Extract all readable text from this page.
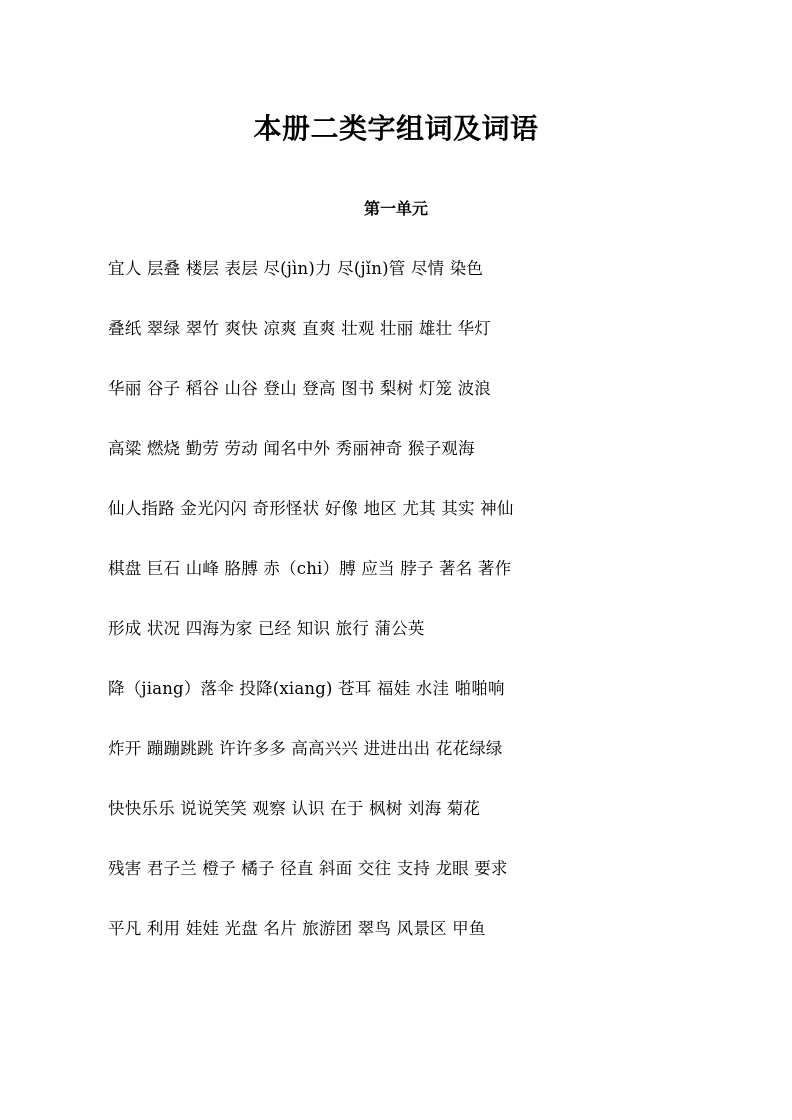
本册二类字组词及词语
第一单元
宜人 层叠 楼层 表层 尽(jìn)力 尽(jǐn)管 尽情 染色
叠纸 翠绿 翠竹 爽快 凉爽 直爽 壮观 壮丽 雄壮 华灯
华丽 谷子 稻谷 山谷 登山 登高 图书 梨树 灯笼 波浪
高粱 燃烧 勤劳 劳动 闻名中外 秀丽神奇 猴子观海
仙人指路 金光闪闪 奇形怪状 好像 地区 尤其 其实 神仙
棋盘 巨石 山峰 胳膊 赤（chi）膊 应当 脖子 著名 著作
形成 状况 四海为家 已经 知识 旅行 蒲公英
降（jiang）落伞 投降(xiang) 苍耳 福娃 水洼 啪啪响
炸开 蹦蹦跳跳 许许多多 高高兴兴 进进出出 花花绿绿
快快乐乐 说说笑笑 观察 认识 在于 枫树 刘海 菊花
残害 君子兰 橙子 橘子 径直 斜面 交往 支持 龙眼 要求
平凡 利用 娃娃 光盘 名片 旅游团 翠鸟 风景区 甲鱼
